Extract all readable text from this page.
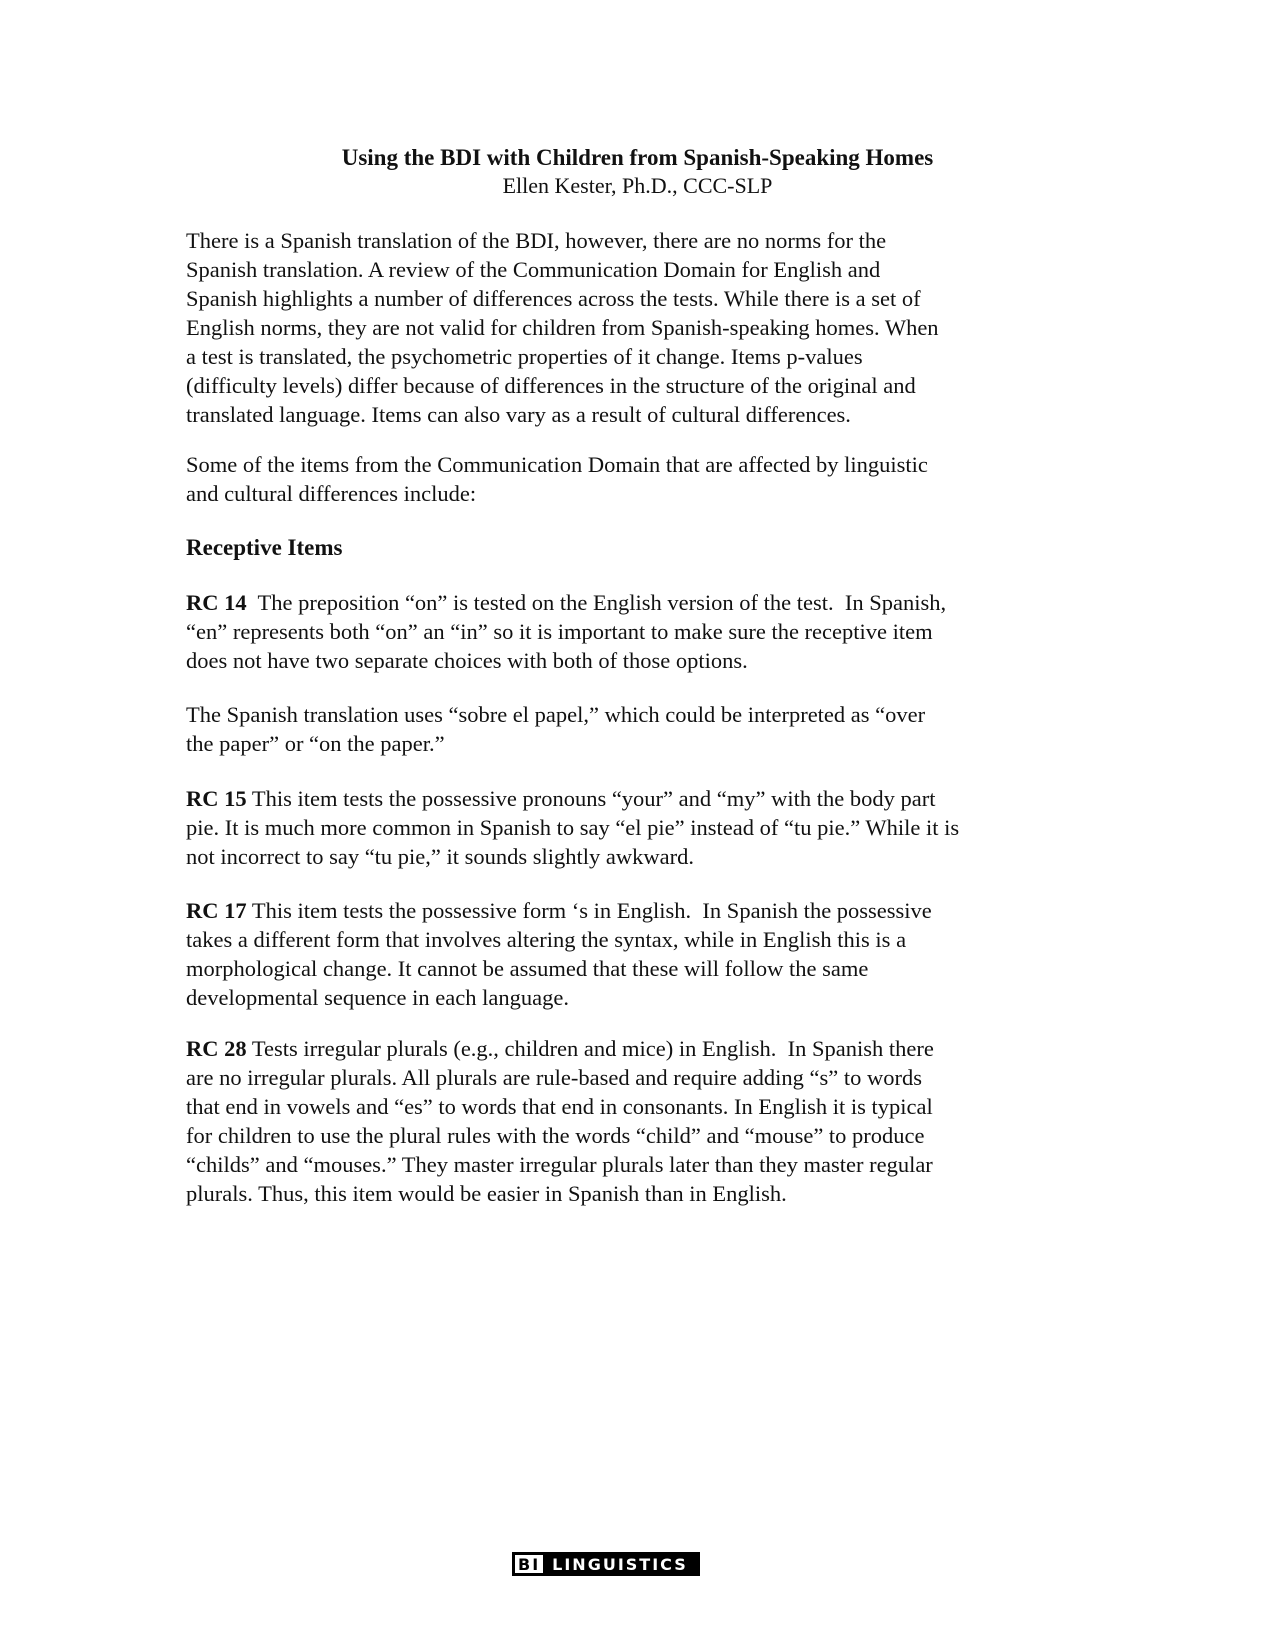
Using the BDI with Children from Spanish-Speaking Homes
Ellen Kester, Ph.D., CCC-SLP
There is a Spanish translation of the BDI, however, there are no norms for the
Spanish translation. A review of the Communication Domain for English and
Spanish highlights a number of differences across the tests. While there is a set of
English norms, they are not valid for children from Spanish-speaking homes. When
a test is translated, the psychometric properties of it change. Items p-values
(difficulty levels) differ because of differences in the structure of the original and
translated language. Items can also vary as a result of cultural differences.
Some of the items from the Communication Domain that are affected by linguistic
and cultural differences include:
Receptive Items
RC 14  The preposition “on” is tested on the English version of the test.  In Spanish,
“en” represents both “on” an “in” so it is important to make sure the receptive item
does not have two separate choices with both of those options.
The Spanish translation uses “sobre el papel,” which could be interpreted as “over
the paper” or “on the paper.”
RC 15 This item tests the possessive pronouns “your” and “my” with the body part
pie. It is much more common in Spanish to say “el pie” instead of “tu pie.” While it is
not incorrect to say “tu pie,” it sounds slightly awkward.
RC 17 This item tests the possessive form ‘s in English.  In Spanish the possessive
takes a different form that involves altering the syntax, while in English this is a
morphological change. It cannot be assumed that these will follow the same
developmental sequence in each language.
RC 28 Tests irregular plurals (e.g., children and mice) in English.  In Spanish there
are no irregular plurals. All plurals are rule-based and require adding “s” to words
that end in vowels and “es” to words that end in consonants. In English it is typical
for children to use the plural rules with the words “child” and “mouse” to produce
“childs” and “mouses.” They master irregular plurals later than they master regular
plurals. Thus, this item would be easier in Spanish than in English.
BI LINGUISTICS
